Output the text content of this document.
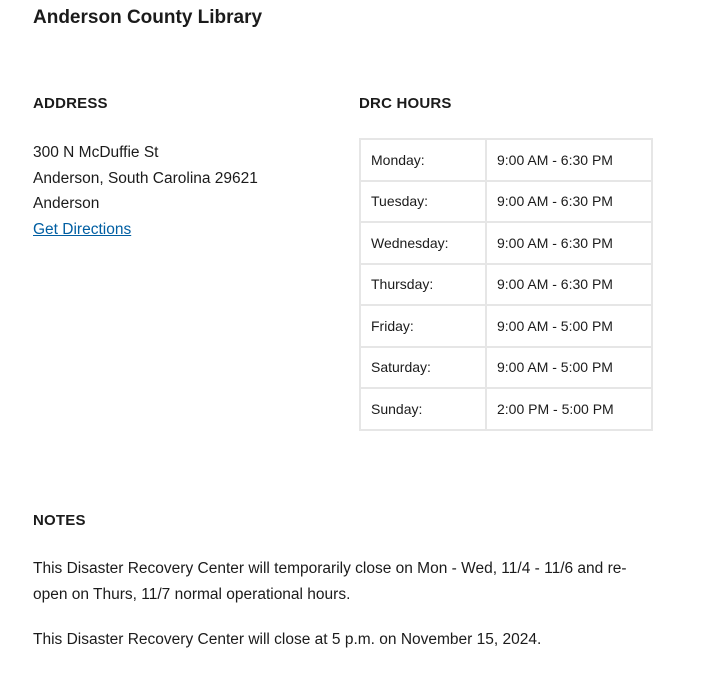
Anderson County Library
ADDRESS
300 N McDuffie St
Anderson, South Carolina 29621
Anderson
Get Directions
DRC HOURS
Monday:	9:00 AM - 6:30 PM
Tuesday:	9:00 AM - 6:30 PM
Wednesday:	9:00 AM - 6:30 PM
Thursday:	9:00 AM - 6:30 PM
Friday:	9:00 AM - 5:00 PM
Saturday:	9:00 AM - 5:00 PM
Sunday:	2:00 PM - 5:00 PM
NOTES

This Disaster Recovery Center will temporarily close on Mon - Wed, 11/4 - 11/6 and re-open on Thurs, 11/7 normal operational hours.

This Disaster Recovery Center will close at 5 p.m. on November 15, 2024.
